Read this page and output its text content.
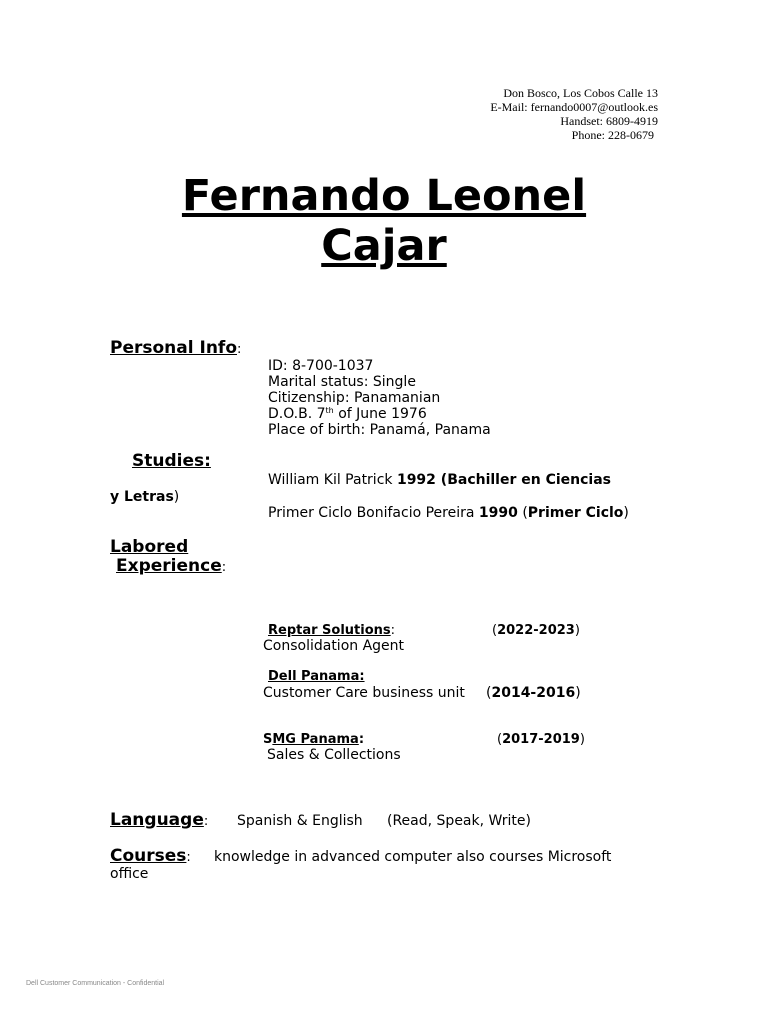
Don Bosco, Los Cobos Calle 13
E-Mail: fernando0007@outlook.es
Handset: 6809-4919
Phone: 228-0679
Fernando Leonel
Cajar
Personal Info:
ID: 8-700-1037
Marital status: Single
Citizenship: Panamanian
D.O.B. 7th of June 1976
Place of birth: Panamá, Panama
Studies:
William Kil Patrick 1992 (Bachiller en Ciencias
y Letras)
Primer Ciclo Bonifacio Pereira 1990 (Primer Ciclo)
Labored
Experience:
Reptar Solutions:	(2022-2023)
Consolidation Agent
Dell Panama:
Customer Care business unit (2014-2016)
SMG Panama:	(2017-2019)
Sales & Collections
Language: Spanish & English (Read, Speak, Write)
Courses: knowledge in advanced computer also courses Microsoft
office
Dell Customer Communication - Confidential
